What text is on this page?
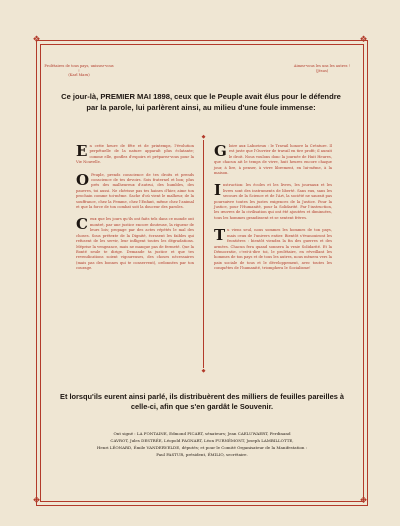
❖	❖
❖	❖
Prolétaires de tous pays, unissez-vous !
(Karl Marx)
Aimez-vous les uns les autres !
(Jésus)
Ce jour-là, PREMIER MAI 1898, ceux que le Peuple avait élus pour le défendre par la parole, lui parlèrent ainsi, au milieu d'une foule immense:
◆
◆
En cette heure de fête et de printemps, l'évolution perpétuelle de la nature apparaît plus éclatante; comme elle, gonflez d'espoirs et préparez-vous pour la Vie Nouvelle.
O Peuple, prends conscience de tes droits et prends conscience de tes devoirs. Sois fraternel et bon; plus près des malheureux d'autrui, des humbles, des pauvres, toi aussi. Ne chérisse pas tes haines d'hier, aime ton prochain comme toi-même. Sache d'où vient le malheur, de la souffrance, chez la Femme, chez l'Enfant, même chez l'animal et que la force de ton combat soit la douceur des paroles.
Ceux que les jours qu'ils ont faits tels dans ce monde ont montré, par une justice encore douteuse, la rigueur de leurs lois; propage par des actes répétés le mal des choses. Sous prétexte de la Dignité, écrasent les faibles qui refusent de les servir, leur infligent toutes les dégradations. Méprise la vengeance, mais ne manque pas de fermeté. Que la Bonté seule te dirige. Demande ta justice et que tes revendications soient vigoureuses, des choses nécessaires (mais pas des bonnes qui te conservent), ordonnées par ton courage.
Gloire aux Laborieux : le Travail honore la Créature. Il est juste que l'Ouvrier de travail en tire profit; il aurait le droit. Nous voulons donc la journée de Huit Heures, que chacun ait le temps de vivre, huit heures encore chaque jour, à lire, à penser, à vivre librement, en lui-même, à la maison.
Instruction: les écoles et les livres, les journaux et les livres sont des instruments de liberté. Sans eux, sans les secours de la Science et de l'Art, la société ne saurait pas poursuivre toutes les justes exigences de la Justice. Pour la Justice, pour l'Humanité, pour la Solidarité. Par l'instruction, les œuvres de la civilisation qui ont été ajoutées et diminuées, tous les hommes grandissent et se sentent frères.
Tu viens seul, nous sommes les hommes de ton pays, mais ceux de l'univers entier. Bientôt s'évanouiront les frontières : bientôt viendra la fin des guerres et des armées. Chacun fera quand sonnera la vraie Solidarité. Et la Démocratie, c'est-à-dire toi, le prolétaire, en réveillant les hommes de ton pays et de tous les autres, nous mènera vers la paix sociale de tous et le développement, avec toutes les conquêtes de l'humanité, triomphera le Socialisme!
Et lorsqu'ils eurent ainsi parlé, ils distribuèrent des milliers de feuilles pareilles à celle-ci, afin que s'en gardât le Souvenir.
Ont signé : LA FONTAINE, Edmond PICART, sénateurs; Jean CAELUWAERT, Ferdinand
CAVROT, Jules DESTRÉE, Léopold FAGNART, Léon FURNÉMONT, Joseph LAMBILLOTTE,
Henri LÉONARD, Émile VANDERVELDE, députés; et pour le Comité Organisateur de la Manifestation :
Paul PASTUR, président, ÉMILIO, secrétaire.
